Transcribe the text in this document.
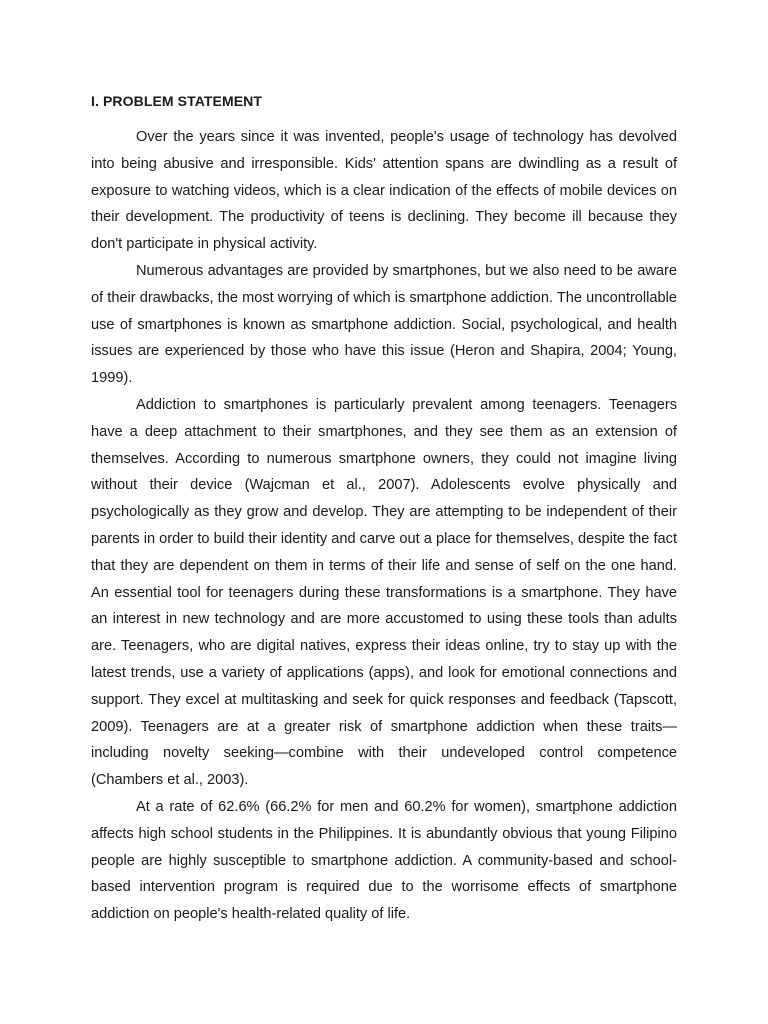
I. PROBLEM STATEMENT

Over the years since it was invented, people's usage of technology has devolved into being abusive and irresponsible. Kids' attention spans are dwindling as a result of exposure to watching videos, which is a clear indication of the effects of mobile devices on their development. The productivity of teens is declining. They become ill because they don't participate in physical activity.

Numerous advantages are provided by smartphones, but we also need to be aware of their drawbacks, the most worrying of which is smartphone addiction. The uncontrollable use of smartphones is known as smartphone addiction. Social, psychological, and health issues are experienced by those who have this issue (Heron and Shapira, 2004; Young, 1999).

Addiction to smartphones is particularly prevalent among teenagers. Teenagers have a deep attachment to their smartphones, and they see them as an extension of themselves. According to numerous smartphone owners, they could not imagine living without their device (Wajcman et al., 2007). Adolescents evolve physically and psychologically as they grow and develop. They are attempting to be independent of their parents in order to build their identity and carve out a place for themselves, despite the fact that they are dependent on them in terms of their life and sense of self on the one hand. An essential tool for teenagers during these transformations is a smartphone. They have an interest in new technology and are more accustomed to using these tools than adults are. Teenagers, who are digital natives, express their ideas online, try to stay up with the latest trends, use a variety of applications (apps), and look for emotional connections and support. They excel at multitasking and seek for quick responses and feedback (Tapscott, 2009). Teenagers are at a greater risk of smartphone addiction when these traits—including novelty seeking—combine with their undeveloped control competence (Chambers et al., 2003).

At a rate of 62.6% (66.2% for men and 60.2% for women), smartphone addiction affects high school students in the Philippines. It is abundantly obvious that young Filipino people are highly susceptible to smartphone addiction. A community-based and school-based intervention program is required due to the worrisome effects of smartphone addiction on people's health-related quality of life.
